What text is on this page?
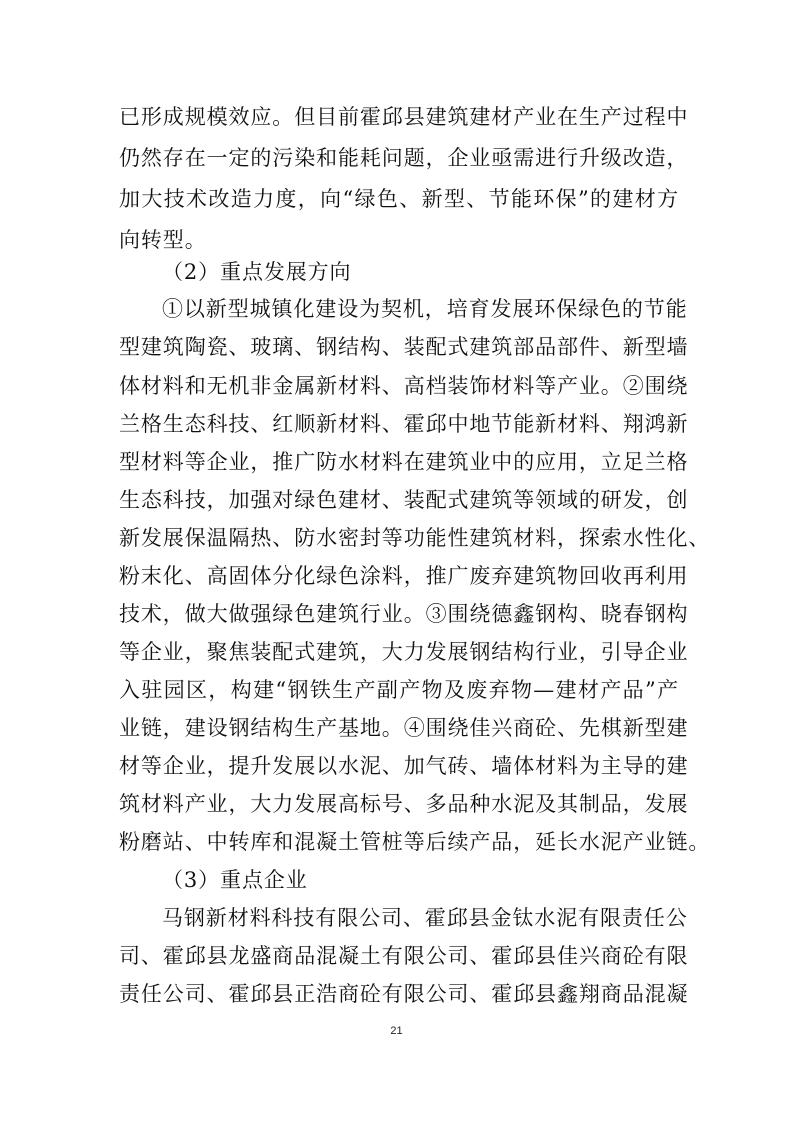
已形成规模效应。但目前霍邱县建筑建材产业在生产过程中
仍然存在一定的污染和能耗问题，企业亟需进行升级改造，
加大技术改造力度，向“绿色、新型、节能环保”的建材方
向转型。
（2）重点发展方向
①以新型城镇化建设为契机，培育发展环保绿色的节能
型建筑陶瓷、玻璃、钢结构、装配式建筑部品部件、新型墙
体材料和无机非金属新材料、高档装饰材料等产业。②围绕
兰格生态科技、红顺新材料、霍邱中地节能新材料、翔鸿新
型材料等企业，推广防水材料在建筑业中的应用，立足兰格
生态科技，加强对绿色建材、装配式建筑等领域的研发，创
新发展保温隔热、防水密封等功能性建筑材料，探索水性化、
粉末化、高固体分化绿色涂料，推广废弃建筑物回收再利用
技术，做大做强绿色建筑行业。③围绕德鑫钢构、晓春钢构
等企业，聚焦装配式建筑，大力发展钢结构行业，引导企业
入驻园区，构建“钢铁生产副产物及废弃物—建材产品”产
业链，建设钢结构生产基地。④围绕佳兴商砼、先棋新型建
材等企业，提升发展以水泥、加气砖、墙体材料为主导的建
筑材料产业，大力发展高标号、多品种水泥及其制品，发展
粉磨站、中转库和混凝土管桩等后续产品，延长水泥产业链。
（3）重点企业
马钢新材料科技有限公司、霍邱县金钛水泥有限责任公
司、霍邱县龙盛商品混凝土有限公司、霍邱县佳兴商砼有限
责任公司、霍邱县正浩商砼有限公司、霍邱县鑫翔商品混凝
21
